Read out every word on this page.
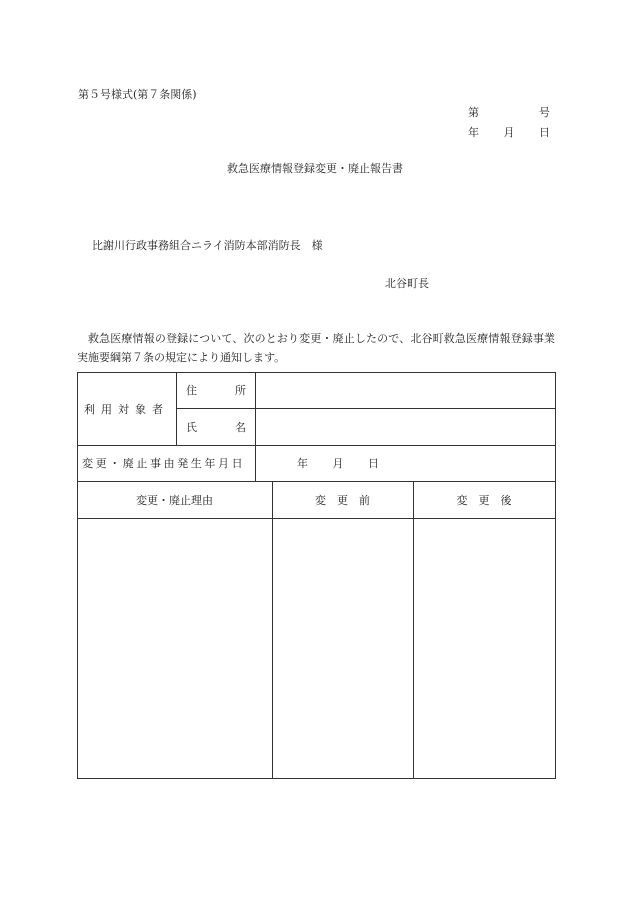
第５号様式(第７条関係)
第	号
年 月 日
救急医療情報登録変更・廃止報告書
比謝川行政事務組合ニライ消防本部消防長　様
北谷町長
救急医療情報の登録について、次のとおり変更・廃止したので、北谷町救急医療情報登録事業実施要綱第７条の規定により通知します。
利用対象者
住	所
氏	名
変更・廃止事由発生年月日	年 月 日
変更・廃止理由	変　更　前	変　更　後
